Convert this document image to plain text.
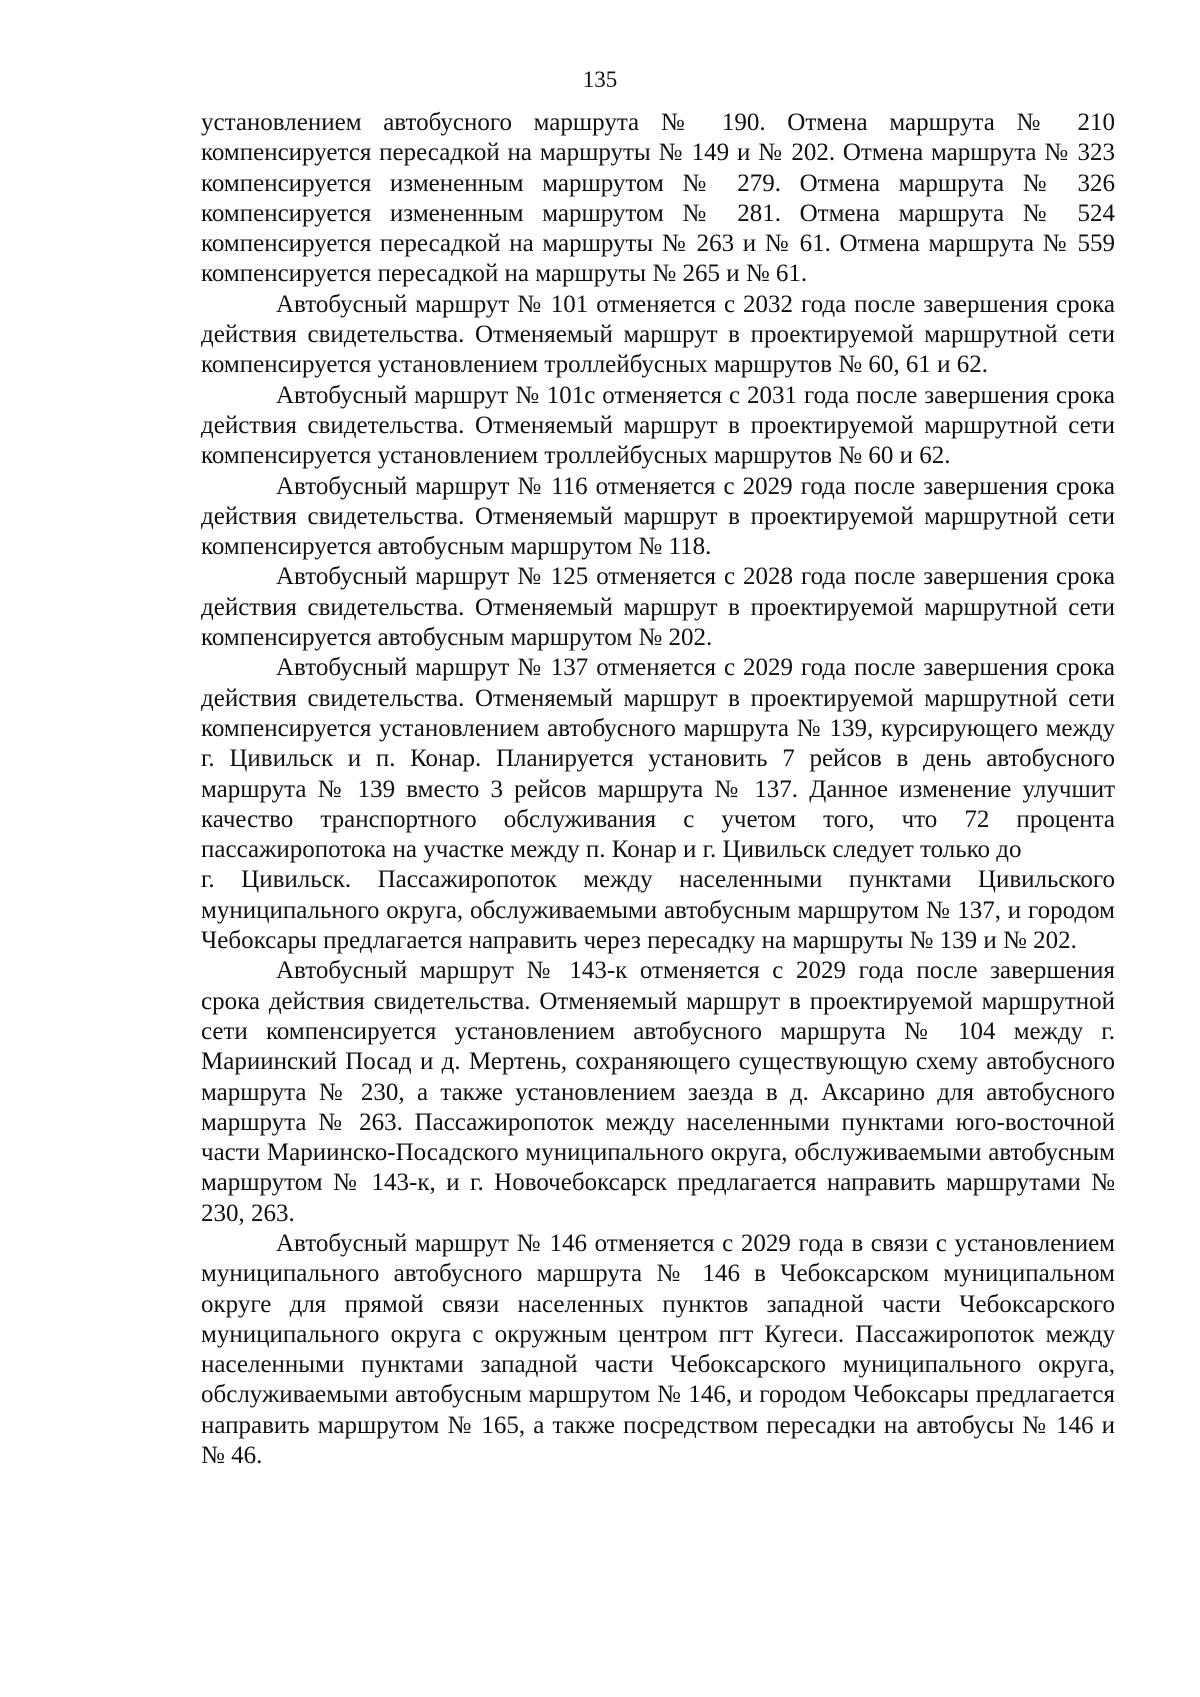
135

установлением автобусного маршрута № 190. Отмена маршрута № 210 компенсируется пересадкой на маршруты № 149 и № 202. Отмена маршрута № 323 компенсируется измененным маршрутом № 279. Отмена маршрута № 326 компенсируется измененным маршрутом № 281. Отмена маршрута № 524 компенсируется пересадкой на маршруты № 263 и № 61. Отмена маршрута № 559 компенсируется пересадкой на маршруты № 265 и № 61.

Автобусный маршрут № 101 отменяется с 2032 года после завершения срока действия свидетельства. Отменяемый маршрут в проектируемой маршрутной сети компенсируется установлением троллейбусных маршрутов № 60, 61 и 62.

Автобусный маршрут № 101с отменяется с 2031 года после завершения срока действия свидетельства. Отменяемый маршрут в проектируемой маршрутной сети компенсируется установлением троллейбусных маршрутов № 60 и 62.

Автобусный маршрут № 116 отменяется с 2029 года после завершения срока действия свидетельства. Отменяемый маршрут в проектируемой маршрутной сети компенсируется автобусным маршрутом № 118.

Автобусный маршрут № 125 отменяется с 2028 года после завершения срока действия свидетельства. Отменяемый маршрут в проектируемой маршрутной сети компенсируется автобусным маршрутом № 202.

Автобусный маршрут № 137 отменяется с 2029 года после завершения срока действия свидетельства. Отменяемый маршрут в проектируемой маршрутной сети компенсируется установлением автобусного маршрута № 139, курсирующего между г. Цивильск и п. Конар. Планируется установить 7 рейсов в день автобусного маршрута № 139 вместо 3 рейсов маршрута № 137. Данное изменение улучшит качество транспортного обслуживания с учетом того, что 72 процента пассажиропотока на участке между п. Конар и г. Цивильск следует только до

г. Цивильск. Пассажиропоток между населенными пунктами Цивильского муниципального округа, обслуживаемыми автобусным маршрутом № 137, и городом Чебоксары предлагается направить через пересадку на маршруты № 139 и № 202.

Автобусный маршрут № 143-к отменяется с 2029 года после завершения срока действия свидетельства. Отменяемый маршрут в проектируемой маршрутной сети компенсируется установлением автобусного маршрута № 104 между г. Мариинский Посад и д. Мертень, сохраняющего существующую схему автобусного маршрута № 230, а также установлением заезда в д. Аксарино для автобусного маршрута № 263. Пассажиропоток между населенными пунктами юго-восточной части Мариинско-Посадского муниципального округа, обслуживаемыми автобусным маршрутом № 143-к, и г. Новочебоксарск предлагается направить маршрутами № 230, 263.

Автобусный маршрут № 146 отменяется с 2029 года в связи с установлением муниципального автобусного маршрута № 146 в Чебоксарском муниципальном округе для прямой связи населенных пунктов западной части Чебоксарского муниципального округа с окружным центром пгт Кугеси. Пассажиропоток между населенными пунктами западной части Чебоксарского муниципального округа, обслуживаемыми автобусным маршрутом № 146, и городом Чебоксары предлагается направить маршрутом № 165, а также посредством пересадки на автобусы № 146 и № 46.
